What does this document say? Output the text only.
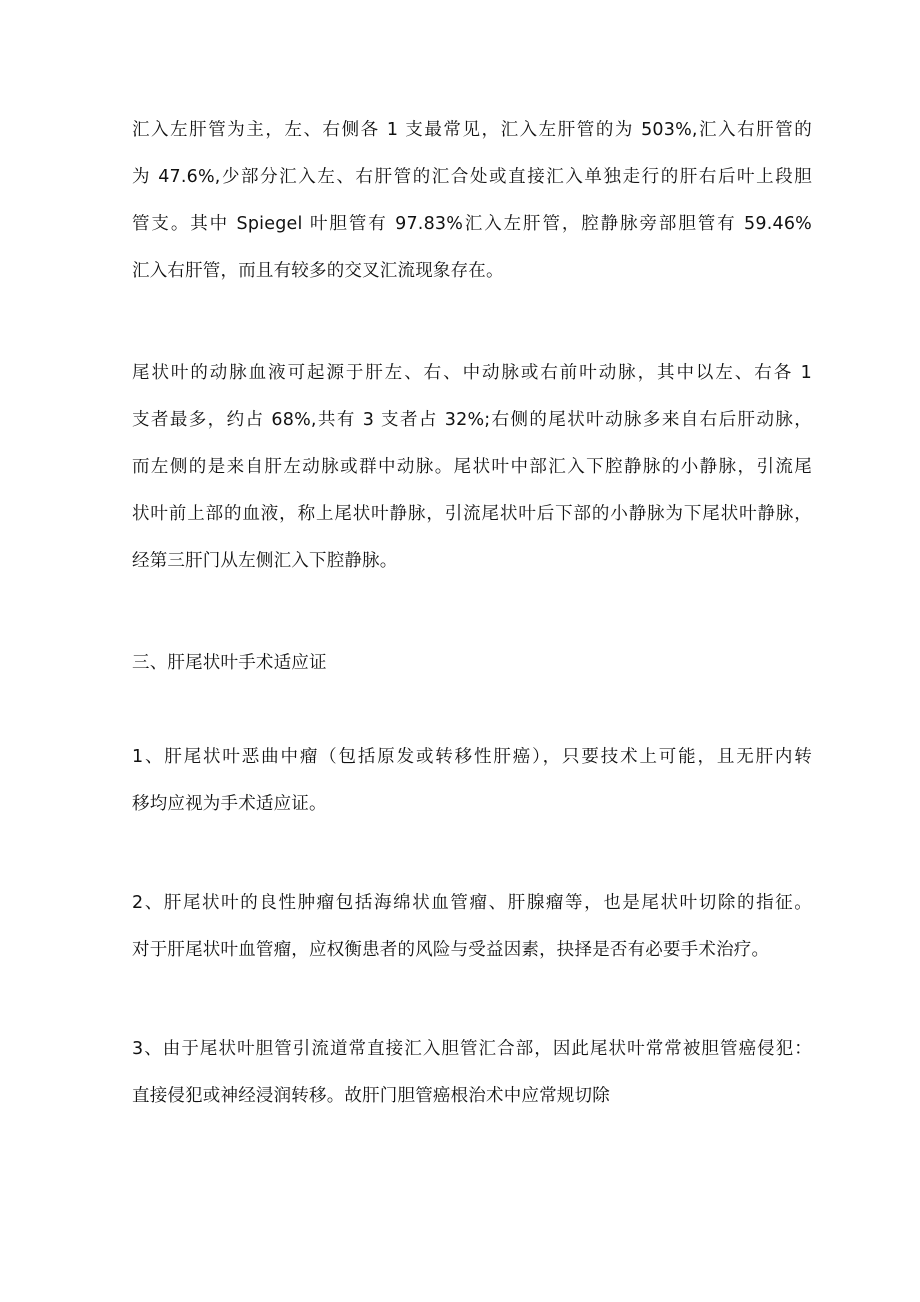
汇入左肝管为主，左、右侧各 1 支最常见，汇入左肝管的为 503%,汇入右肝管的
为 47.6%,少部分汇入左、右肝管的汇合处或直接汇入单独走行的肝右后叶上段胆
管支。其中 Spiegel 叶胆管有 97.83%汇入左肝管，腔静脉旁部胆管有 59.46%
汇入右肝管，而且有较多的交叉汇流现象存在。
尾状叶的动脉血液可起源于肝左、右、中动脉或右前叶动脉，其中以左、右各 1
支者最多，约占 68%,共有 3 支者占 32%;右侧的尾状叶动脉多来自右后肝动脉，
而左侧的是来自肝左动脉或群中动脉。尾状叶中部汇入下腔静脉的小静脉，引流尾
状叶前上部的血液，称上尾状叶静脉，引流尾状叶后下部的小静脉为下尾状叶静脉，
经第三肝门从左侧汇入下腔静脉。
三、肝尾状叶手术适应证
1、肝尾状叶恶曲中瘤（包括原发或转移性肝癌），只要技术上可能，且无肝内转
移均应视为手术适应证。
2、肝尾状叶的良性肿瘤包括海绵状血管瘤、肝腺瘤等，也是尾状叶切除的指征。
对于肝尾状叶血管瘤，应权衡患者的风险与受益因素，抉择是否有必要手术治疗。
3、由于尾状叶胆管引流道常直接汇入胆管汇合部，因此尾状叶常常被胆管癌侵犯：
直接侵犯或神经浸润转移。故肝门胆管癌根治术中应常规切除
